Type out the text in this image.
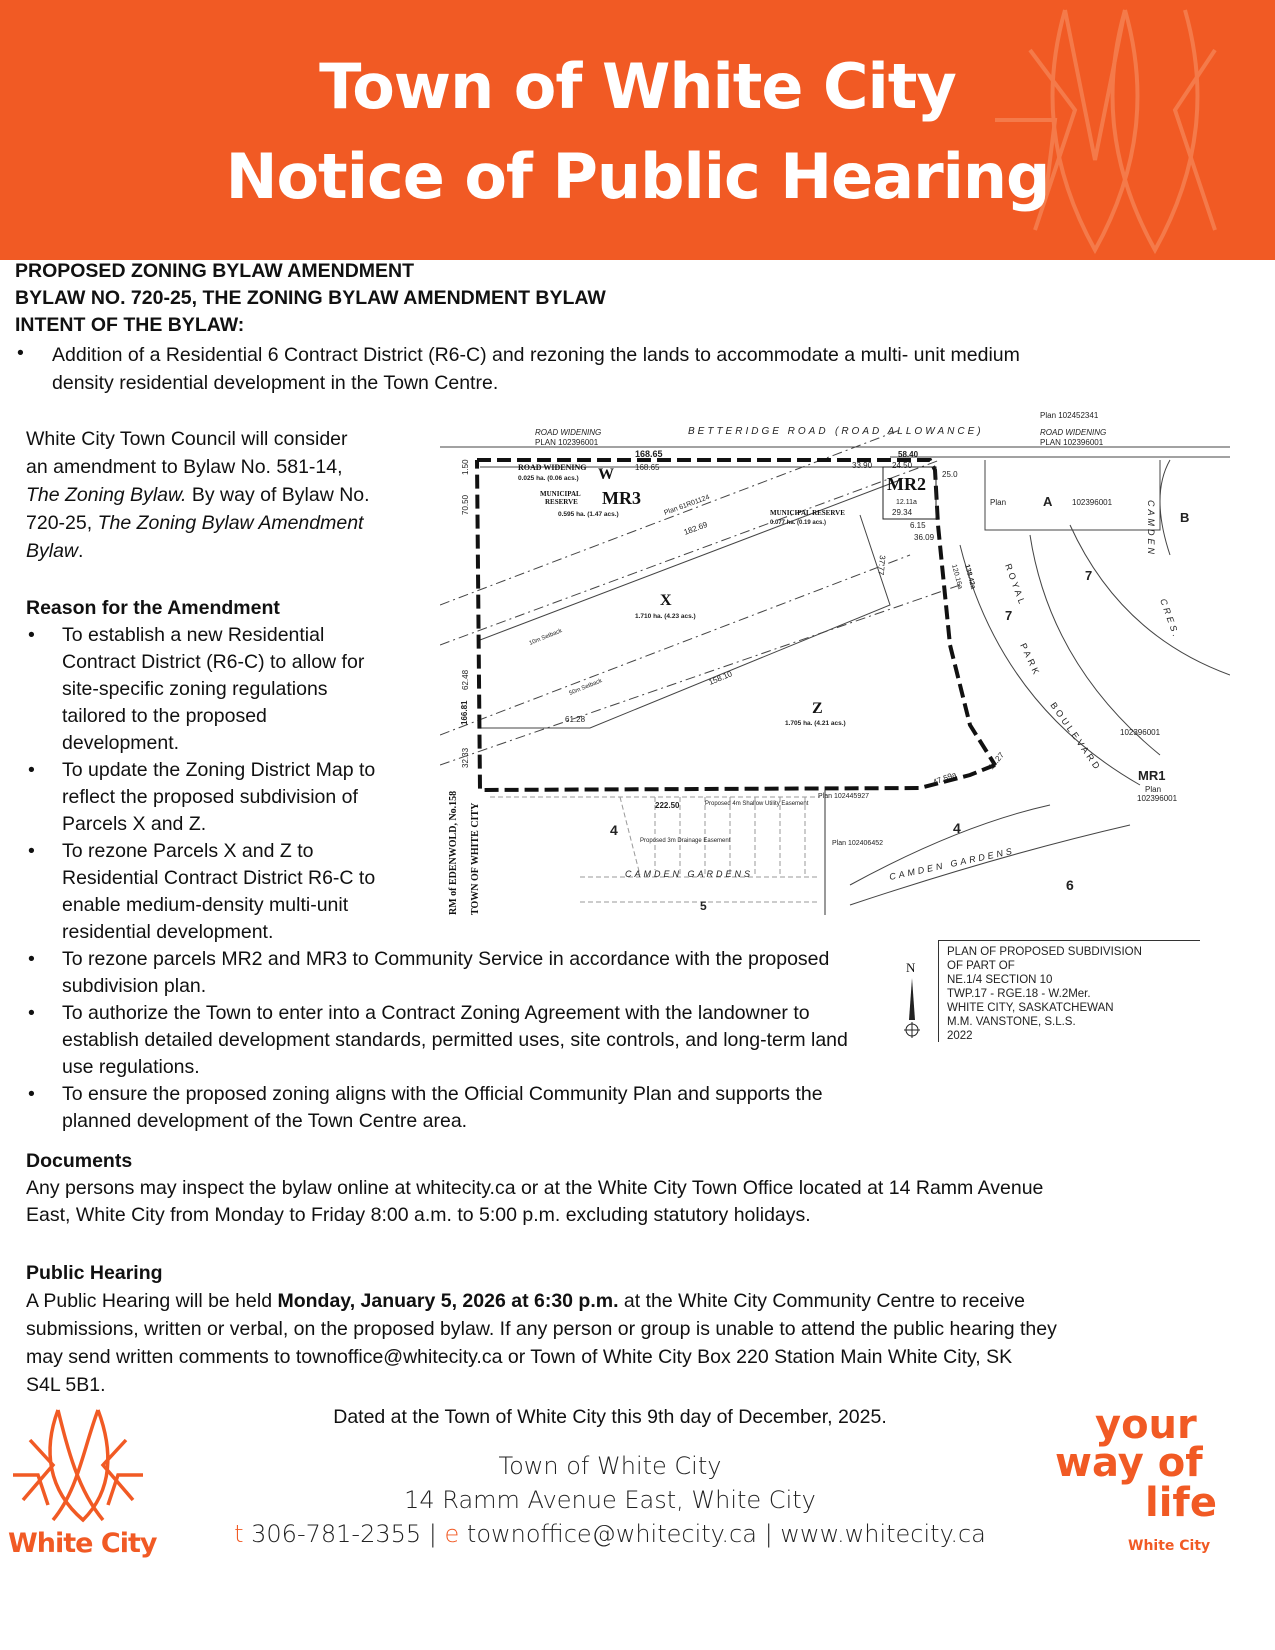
Town of White City
Notice of Public Hearing
PROPOSED ZONING BYLAW AMENDMENT
BYLAW NO. 720-25, THE ZONING BYLAW AMENDMENT BYLAW
INTENT OF THE BYLAW:
• Addition of a Residential 6 Contract District (R6-C) and rezoning the lands to accommodate a multi- unit medium
density residential development in the Town Centre.
White City Town Council will consider
an amendment to Bylaw No. 581-14,
The Zoning Bylaw. By way of Bylaw No.
720-25, The Zoning Bylaw Amendment
Bylaw.
Reason for the Amendment
• To establish a new Residential
Contract District (R6-C) to allow for
site-specific zoning regulations
tailored to the proposed
development.
• To update the Zoning District Map to
reflect the proposed subdivision of
Parcels X and Z.
• To rezone Parcels X and Z to
Residential Contract District R6-C to
enable medium-density multi-unit
residential development.
• To rezone parcels MR2 and MR3 to Community Service in accordance with the proposed
subdivision plan.
• To authorize the Town to enter into a Contract Zoning Agreement with the landowner to
establish detailed development standards, permitted uses, site controls, and long-term land
use regulations.
• To ensure the proposed zoning aligns with the Official Community Plan and supports the
planned development of the Town Centre area.
BETTERIDGE ROAD (ROAD ALLOWANCE)
ROAD WIDENING
PLAN 102396001
ROAD WIDENING
PLAN 102396001
Plan 102452341
168.65
168.65
ROAD WIDENING W
0.025 ha. (0.06 acs.)
MUNICIPAL
RESERVE MR3
0.595 ha. (1.47 acs.)
33.90
58.40
24.50
MR2
12.11a
29.34
6.15
36.09
25.0
MUNICIPAL RESERVE
0.077 ha. (0.19 acs.)
Plan	A 102396001
B
X
1.710 ha. (4.23 acs.)
Z
1.705 ha. (4.21 acs.)
61.28
158.10
182.69
Plan 61R01124
10m Setback
50m Setback
166.81
70.50
62.48
32.33
1.50
37.77	138.42a
120.16a
47.59a
11.27
ROYAL
PARK
BOULEVARD
CAMDEN
CRES.
102396001
7
7
MR1
Plan
102396001
222.50
4	4
5
6
CAMDEN GARDENS	CAMDEN GARDENS
Plan 102445927
Plan 102406452
Proposed 4m Shallow Utility Easement
Proposed 3m Drainage Easement
RM of EDENWOLD, No.158 TOWN OF WHITE CITY
N
PLAN OF PROPOSED SUBDIVISION
OF PART OF
NE.1/4 SECTION 10
TWP.17 - RGE.18 - W.2Mer.
WHITE CITY, SASKATCHEWAN
M.M. VANSTONE, S.L.S.
2022
Documents
Any persons may inspect the bylaw online at whitecity.ca or at the White City Town Office located at 14 Ramm Avenue
East, White City from Monday to Friday 8:00 a.m. to 5:00 p.m. excluding statutory holidays.
Public Hearing
A Public Hearing will be held Monday, January 5, 2026 at 6:30 p.m. at the White City Community Centre to receive
submissions, written or verbal, on the proposed bylaw. If any person or group is unable to attend the public hearing they
may send written comments to townoffice@whitecity.ca or Town of White City Box 220 Station Main White City, SK
S4L 5B1.
Dated at the Town of White City this 9th day of December, 2025.
Town of White City
14 Ramm Avenue East, White City
t 306-781-2355 | e townoffice@whitecity.ca | www.whitecity.ca
White City
your
way of
life
White City
